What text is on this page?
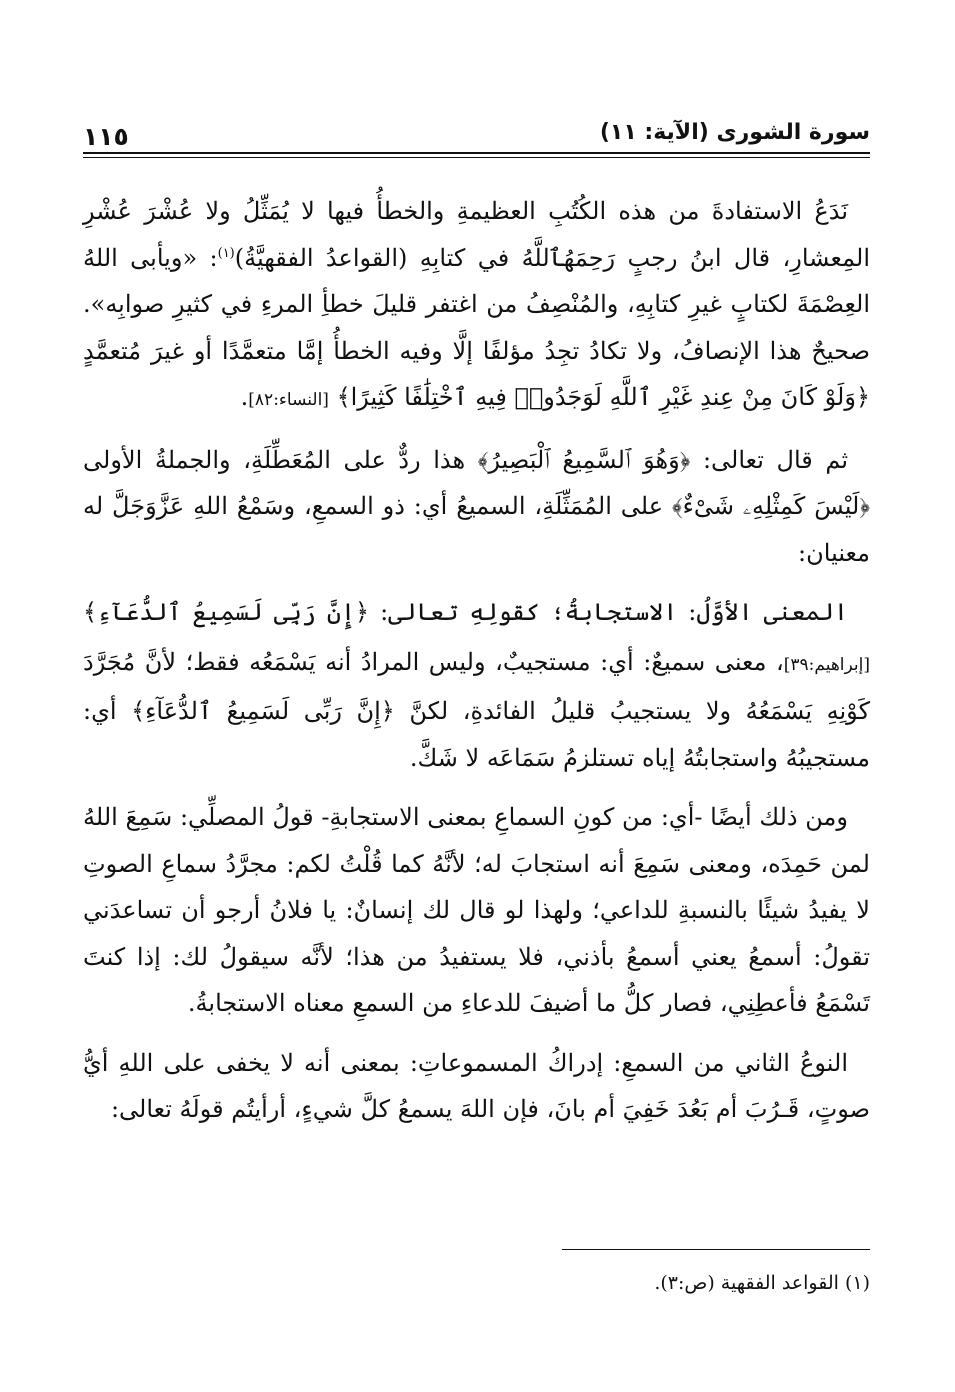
١١٥	سورة الشورى (الآية: ١١)

نَدَعُ الاستفادةَ من هذه الكُتُبِ العظيمةِ والخطأُ فيها لا يُمَثِّلُ ولا عُشْرَ عُشْرِ المِعشارِ، قال ابنُ رجبٍ رَحِمَهُٱللَّهُ في كتابِهِ (القواعدُ الفقهيَّةُ)$^{(١)}$: «ويأبى اللهُ العِصْمَةَ لكتابٍ غيرِ كتابِهِ، والمُنْصِفُ من اغتفر قليلَ خطأِ المرءِ في كثيرِ صوابِه». صحيحٌ هذا الإنصافُ، ولا تكادُ تجِدُ مؤلفًا إلَّا وفيه الخطأُ إمَّا متعمَّدًا أو غيرَ مُتعمَّدٍ ﴿وَلَوْ كَانَ مِنْ عِندِ غَيْرِ ٱللَّهِ لَوَجَدُوا۟ فِيهِ ٱخْتِلَٰفًا كَثِيرًا﴾ [النساء:٨٢].

ثم قال تعالى: ﴿وَهُوَ ٱلسَّمِيعُ ٱلْبَصِيرُ﴾ هذا ردٌّ على المُعَطِّلَةِ، والجملةُ الأولى ﴿لَيْسَ كَمِثْلِهِۦ شَىْءٌ﴾ على المُمَثِّلَةِ، السميعُ أي: ذو السمعِ، وسَمْعُ اللهِ عَزَّوَجَلَّ له معنيان:

المعنى الأوَّلُ: الاستجابةُ؛ كقولِهِ تعالى: ﴿إِنَّ رَبِّى لَسَمِيعُ ٱلدُّعَآءِ﴾ [إبراهيم:٣٩]، معنى سميعٌ: أي: مستجيبٌ، وليس المرادُ أنه يَسْمَعُه فقط؛ لأنَّ مُجَرَّدَ كَوْنِهِ يَسْمَعُهُ ولا يستجيبُ قليلُ الفائدةِ، لكنَّ ﴿إِنَّ رَبِّى لَسَمِيعُ ٱلدُّعَآءِ﴾ أي: مستجيبُهُ واستجابتُهُ إياه تستلزمُ سَمَاعَه لا شَكَّ.

ومن ذلك أيضًا -أي: من كونِ السماعِ بمعنى الاستجابةِ- قولُ المصلِّي: سَمِعَ اللهُ لمن حَمِدَه، ومعنى سَمِعَ أنه استجابَ له؛ لأنَّهُ كما قُلْتُ لكم: مجرَّدُ سماعِ الصوتِ لا يفيدُ شيئًا بالنسبةِ للداعي؛ ولهذا لو قال لك إنسانٌ: يا فلانُ أرجو أن تساعدَني تقولُ: أسمعُ يعني أسمعُ بأذني، فلا يستفيدُ من هذا؛ لأنَّه سيقولُ لك: إذا كنتَ تَسْمَعُ فأعطِنِي، فصار كلُّ ما أضيفَ للدعاءِ من السمعِ معناه الاستجابةُ.

النوعُ الثاني من السمعِ: إدراكُ المسموعاتِ: بمعنى أنه لا يخفى على اللهِ أيُّ صوتٍ، قَـرُبَ أم بَعُدَ خَفِيَ أم بانَ، فإن اللهَ يسمعُ كلَّ شيءٍ، أرأيتُم قولَهُ تعالى:

(١) القواعد الفقهية (ص:٣).
